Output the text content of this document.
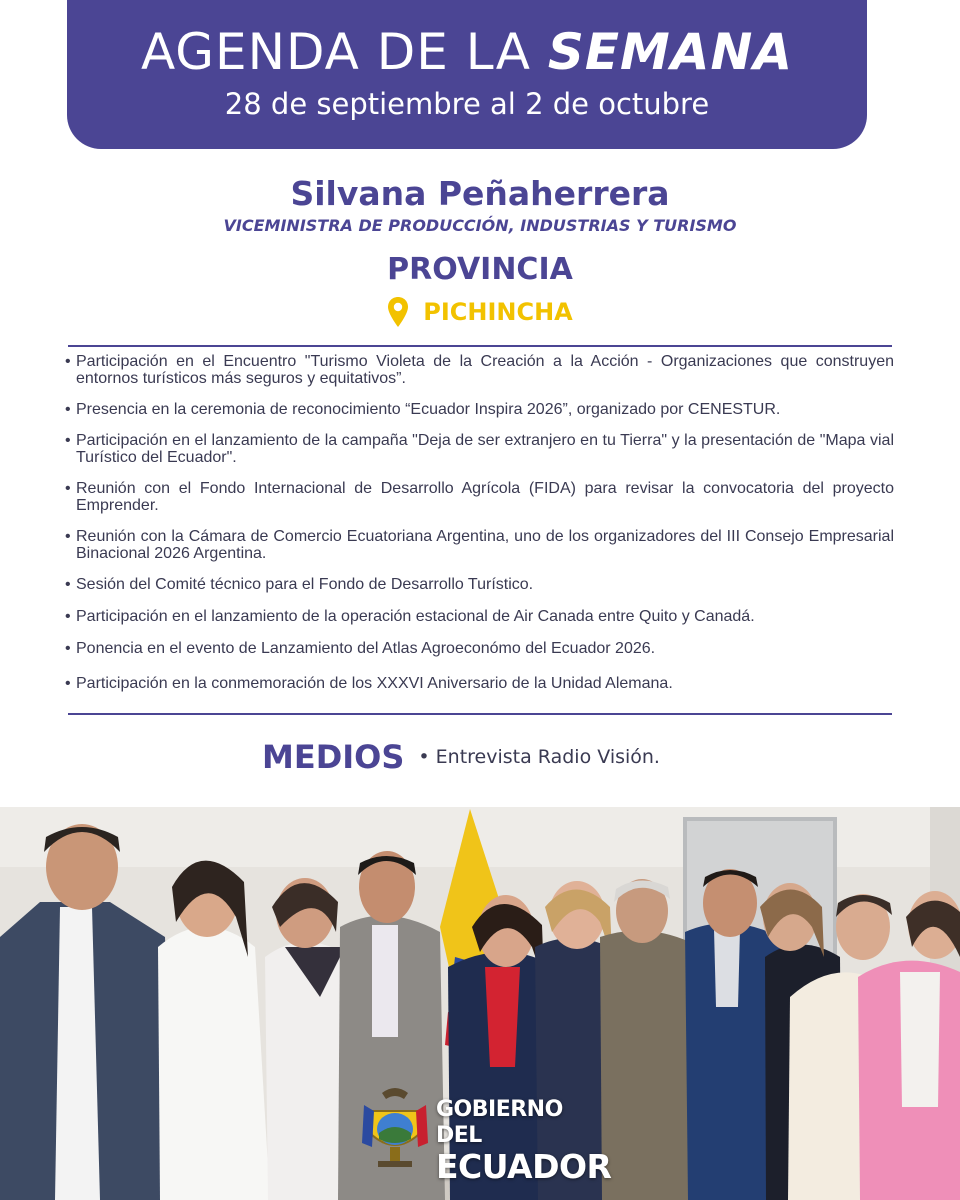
AGENDA DE LA SEMANA
28 de septiembre al 2 de octubre
Silvana Peñaherrera
VICEMINISTRA DE PRODUCCIÓN, INDUSTRIAS Y TURISMO
PROVINCIA
PICHINCHA
• Participación en el Encuentro "Turismo Violeta de la Creación a la Acción - Organizaciones que construyen entornos turísticos más seguros y equitativos”.
• Presencia en la ceremonia de reconocimiento “Ecuador Inspira 2026”, organizado por CENESTUR.
• Participación en el lanzamiento de la campaña "Deja de ser extranjero en tu Tierra" y la presentación de "Mapa vial Turístico del Ecuador".
• Reunión con el Fondo Internacional de Desarrollo Agrícola (FIDA) para revisar la convocatoria del proyecto Emprender.
• Reunión con la Cámara de Comercio Ecuatoriana Argentina, uno de los organizadores del III Consejo Empresarial Binacional 2026 Argentina.
• Sesión del Comité técnico para el Fondo de Desarrollo Turístico.
• Participación en el lanzamiento de la operación estacional de Air Canada entre Quito y Canadá.
• Ponencia en el evento de Lanzamiento del Atlas Agroeconómo del Ecuador 2026.
• Participación en la conmemoración de los XXXVI Aniversario de la Unidad Alemana.
MEDIOS • Entrevista Radio Visión.
GOBIERNO DEL
ECUADOR
